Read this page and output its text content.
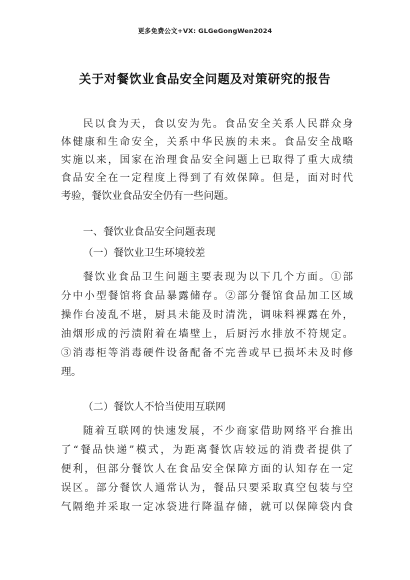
更多免费公文+VX: GLGeGongWen2024
关于对餐饮业食品安全问题及对策研究的报告
民以食为天，食以安为先。食品安全关系人民群众身
体健康和生命安全，关系中华民族的未来。食品安全战略
实施以来，国家在治理食品安全问题上已取得了重大成绩
食品安全在一定程度上得到了有效保障。但是，面对时代
考验，餐饮业食品安全仍有一些问题。
一、餐饮业食品安全问题表现
（一）餐饮业卫生环境较差
餐饮业食品卫生问题主要表现为以下几个方面。①部
分中小型餐馆将食品暴露储存。②部分餐馆食品加工区域
操作台凌乱不堪，厨具未能及时清洗，调味料裸露在外，
油烟形成的污渍附着在墙壁上，后厨污水排放不符规定。
③消毒柜等消毒硬件设备配备不完善或早已损坏未及时修
理。
（二）餐饮人不恰当使用互联网
随着互联网的快速发展，不少商家借助网络平台推出
了“餐品快递”模式，为距离餐饮店较远的消费者提供了
便利，但部分餐饮人在食品安全保障方面的认知存在一定
误区。部分餐饮人通常认为，餐品只要采取真空包装与空
气隔绝并采取一定冰袋进行降温存储，就可以保障袋内食
